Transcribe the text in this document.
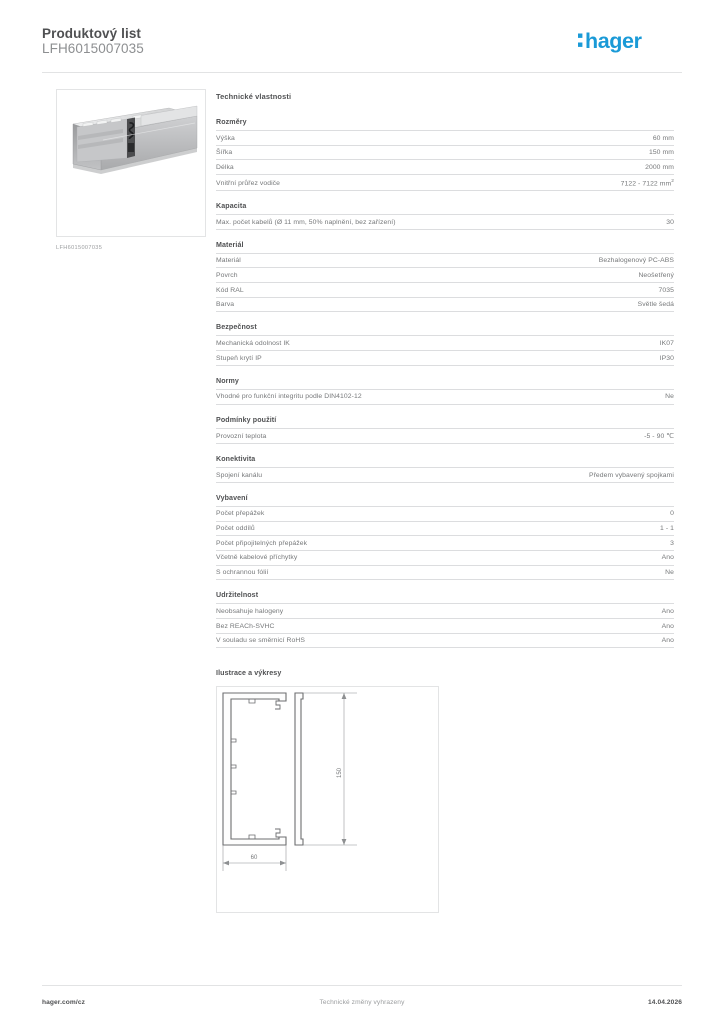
Produktový list
LFH6015007035	hager
LFH6015007035
Technické vlastnosti
Rozměry
Výška	60 mm
Šířka	150 mm
Délka	2000 mm
Vnitřní průřez vodiče	7122 - 7122 $mm^2$
Kapacita
Max. počet kabelů (Ø 11 mm, 50% naplnění, bez zařízení)	30
Materiál
Materiál	Bezhalogenový PC-ABS
Povrch	Neošetřený
Kód RAL	7035
Barva	Světle šedá
Bezpečnost
Mechanická odolnost IK	IK07
Stupeň krytí IP	IP30
Normy
Vhodné pro funkční integritu podle DIN4102-12	Ne
Podmínky použití
Provozní teplota	-5 - 90 ℃
Konektivita
Spojení kanálu	Předem vybavený spojkami
Vybavení
Počet přepážek	0
Počet oddílů	1 - 1
Počet připojitelných přepážek	3
Včetně kabelové příchytky	Ano
S ochrannou fólií	Ne
Udržitelnost
Neobsahuje halogeny	Ano
Bez REACh-SVHC	Ano
V souladu se směrnicí RoHS	Ano
Ilustrace a výkresy
150
60
hager.com/cz	Technické změny vyhrazeny	14.04.2026
